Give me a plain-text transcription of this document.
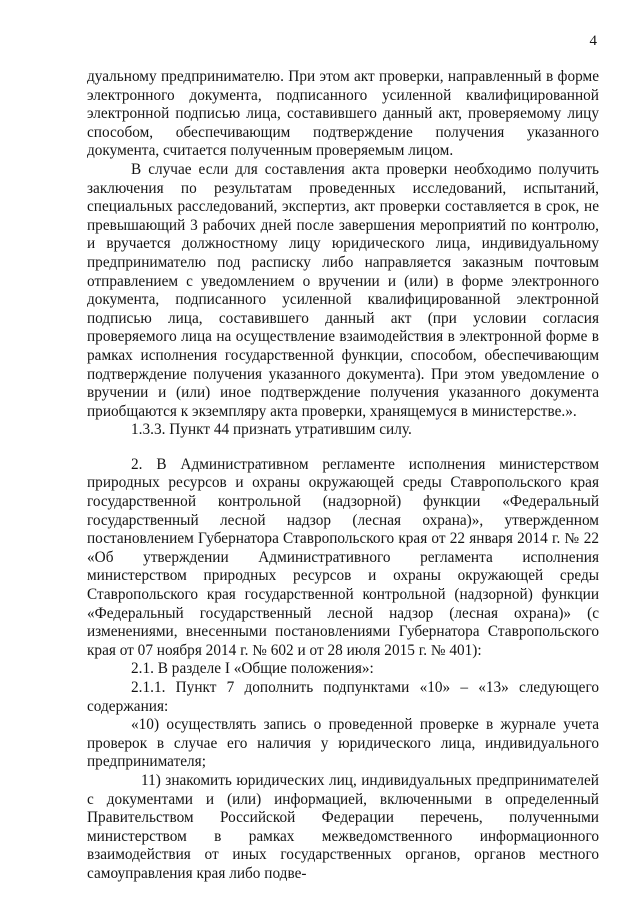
4

дуальному предпринимателю. При этом акт проверки, направленный в форме электронного документа, подписанного усиленной квалифицированной электронной подписью лица, составившего данный акт, проверяемому лицу способом, обеспечивающим подтверждение получения указанного документа, считается полученным проверяемым лицом.

В случае если для составления акта проверки необходимо получить заключения по результатам проведенных исследований, испытаний, специальных расследований, экспертиз, акт проверки составляется в срок, не превышающий 3 рабочих дней после завершения мероприятий по контролю, и вручается должностному лицу юридического лица, индивидуальному предпринимателю под расписку либо направляется заказным почтовым отправлением с уведомлением о вручении и (или) в форме электронного документа, подписанного усиленной квалифицированной электронной подписью лица, составившего данный акт (при условии согласия проверяемого лица на осуществление взаимодействия в электронной форме в рамках исполнения государственной функции, способом, обеспечивающим подтверждение получения указанного документа). При этом уведомление о вручении и (или) иное подтверждение получения указанного документа приобщаются к экземпляру акта проверки, хранящемуся в министерстве.».

1.3.3. Пункт 44 признать утратившим силу.

2. В Административном регламенте исполнения министерством природных ресурсов и охраны окружающей среды Ставропольского края государственной контрольной (надзорной) функции «Федеральный государственный лесной надзор (лесная охрана)», утвержденном постановлением Губернатора Ставропольского края от 22 января 2014 г. № 22 «Об утверждении Административного регламента исполнения министерством природных ресурсов и охраны окружающей среды Ставропольского края государственной контрольной (надзорной) функции «Федеральный государственный лесной надзор (лесная охрана)» (с изменениями, внесенными постановлениями Губернатора Ставропольского края от 07 ноября 2014 г. № 602 и от 28 июля 2015 г. № 401):

2.1. В разделе I «Общие положения»:

2.1.1. Пункт 7 дополнить подпунктами «10» – «13» следующего содержания:

«10) осуществлять запись о проведенной проверке в журнале учета проверок в случае его наличия у юридического лица, индивидуального предпринимателя;

11) знакомить юридических лиц, индивидуальных предпринимателей с документами и (или) информацией, включенными в определенный Правительством Российской Федерации перечень, полученными министерством в рамках межведомственного информационного взаимодействия от иных государственных органов, органов местного самоуправления края либо подве-
